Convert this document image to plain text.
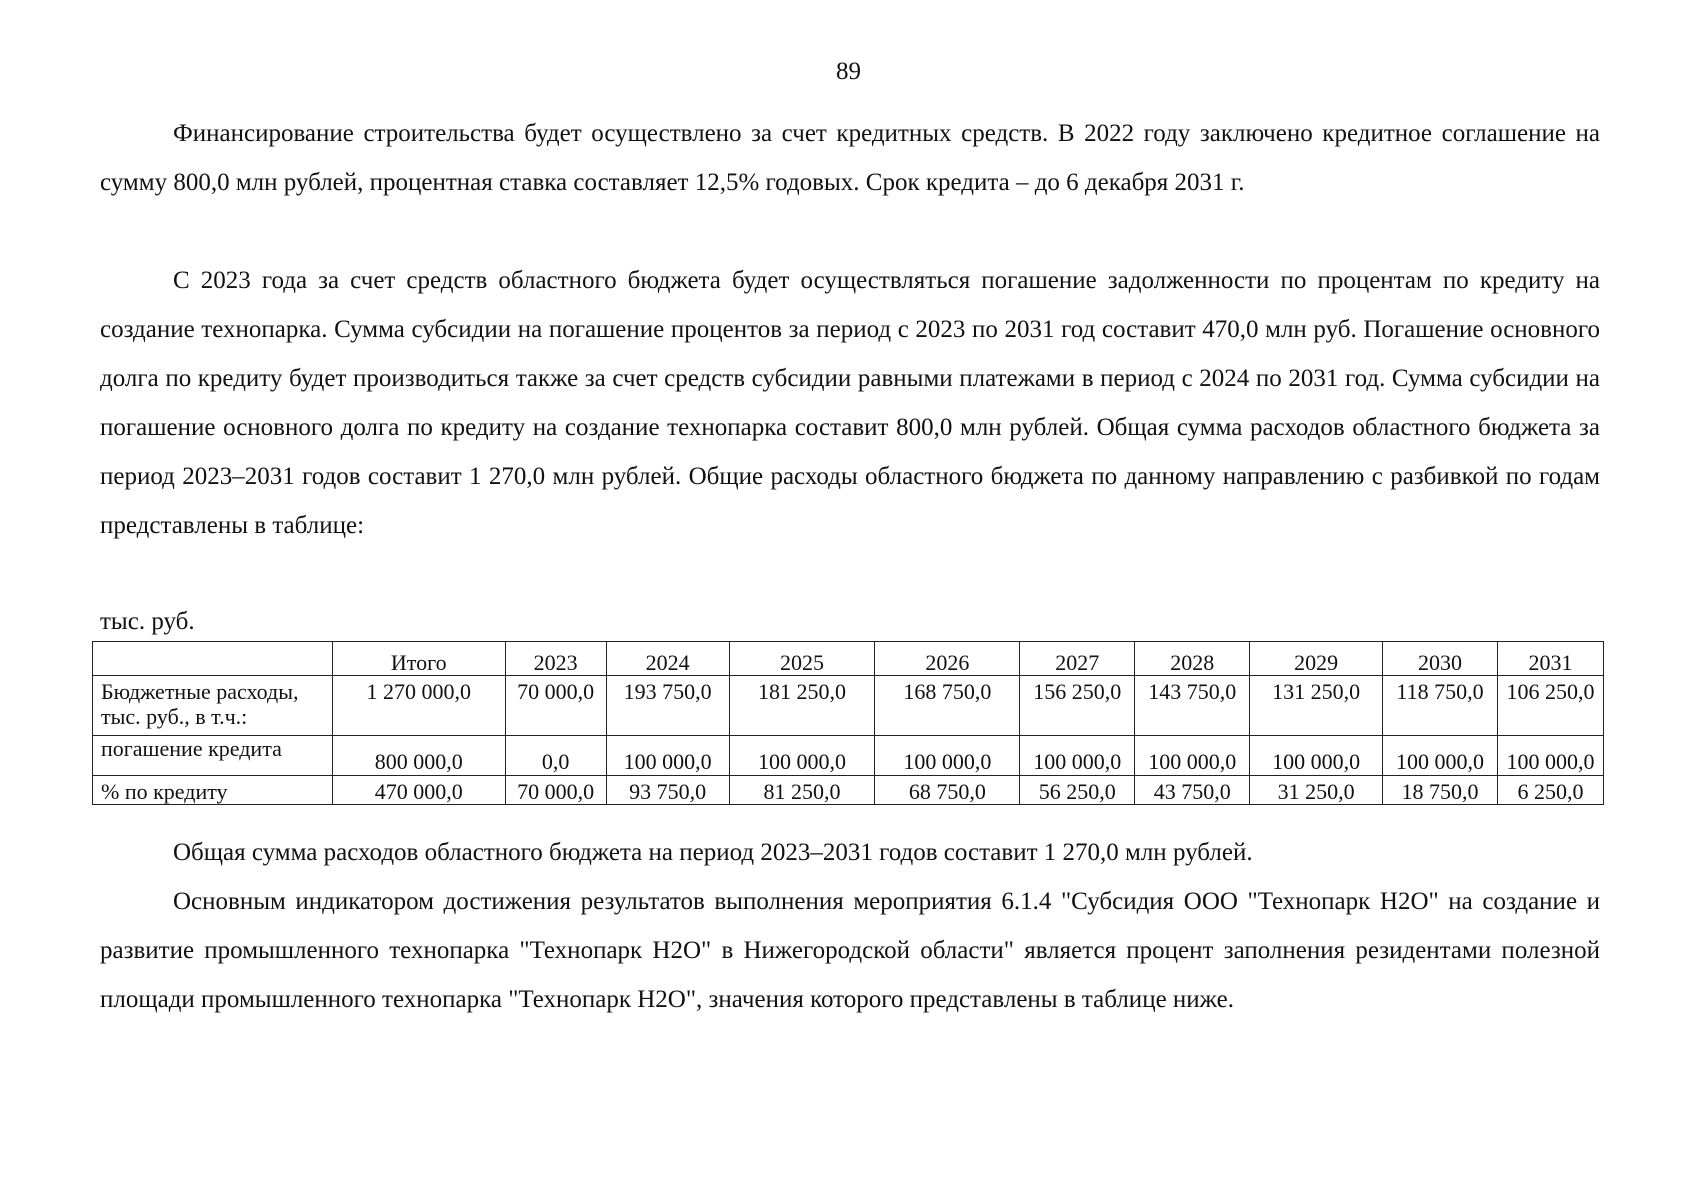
89

Финансирование строительства будет осуществлено за счет кредитных средств. В 2022 году заключено кредитное соглашение на сумму 800,0 млн рублей, процентная ставка составляет 12,5% годовых. Срок кредита – до 6 декабря 2031 г.

С 2023 года за счет средств областного бюджета будет осуществляться погашение задолженности по процентам по кредиту на создание технопарка. Сумма субсидии на погашение процентов за период с 2023 по 2031 год составит 470,0 млн руб. Погашение основного долга по кредиту будет производиться также за счет средств субсидии равными платежами в период с 2024 по 2031 год. Сумма субсидии на погашение основного долга по кредиту на создание технопарка составит 800,0 млн рублей. Общая сумма расходов областного бюджета за период 2023–2031 годов составит 1 270,0 млн рублей. Общие расходы областного бюджета по данному направлению с разбивкой по годам представлены в таблице:

тыс. руб.
	Итого	2023	2024	2025	2026	2027	2028	2029	2030	2031
Бюджетные расходы, тыс. руб., в т.ч.:	1 270 000,0	70 000,0	193 750,0	181 250,0	168 750,0	156 250,0	143 750,0	131 250,0	118 750,0	106 250,0
погашение кредита	800 000,0	0,0	100 000,0	100 000,0	100 000,0	100 000,0	100 000,0	100 000,0	100 000,0	100 000,0
% по кредиту	470 000,0	70 000,0	93 750,0	81 250,0	68 750,0	56 250,0	43 750,0	31 250,0	18 750,0	6 250,0

Общая сумма расходов областного бюджета на период 2023–2031 годов составит 1 270,0 млн рублей.

Основным индикатором достижения результатов выполнения мероприятия 6.1.4 "Субсидия ООО "Технопарк Н2О" на создание и развитие промышленного технопарка "Технопарк Н2О" в Нижегородской области" является процент заполнения резидентами полезной площади промышленного технопарка "Технопарк Н2О", значения которого представлены в таблице ниже.
